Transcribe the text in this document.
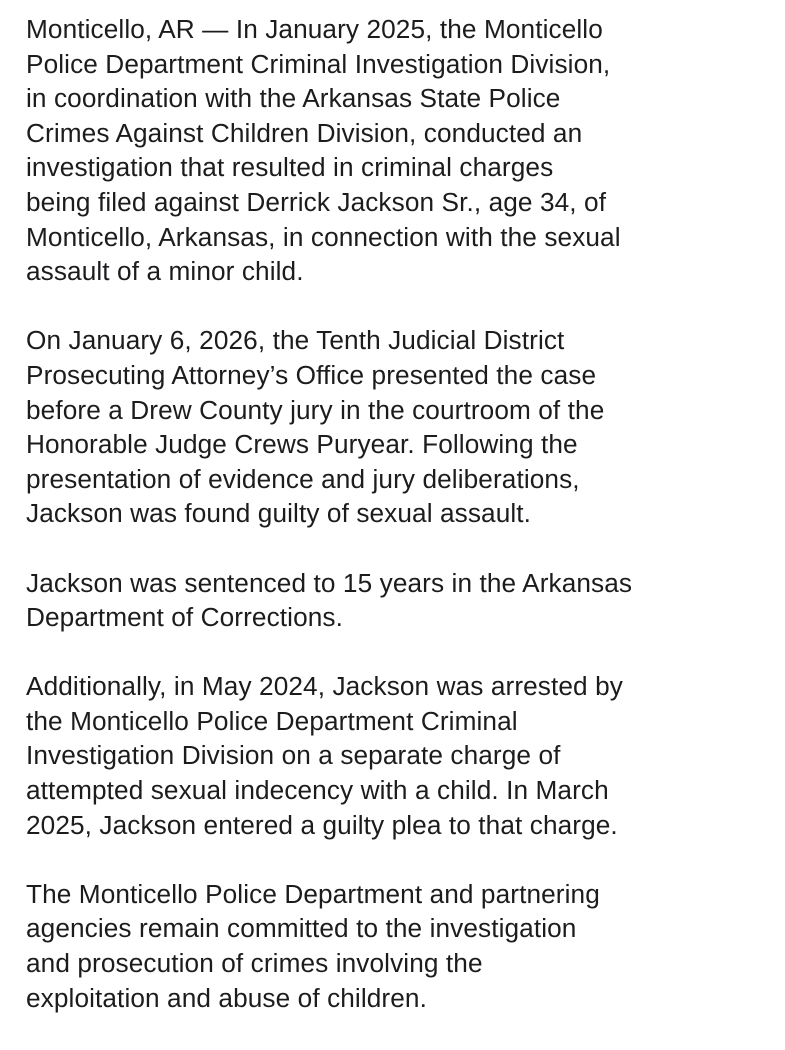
Monticello, AR — In January 2025, the Monticello
Police Department Criminal Investigation Division,
in coordination with the Arkansas State Police
Crimes Against Children Division, conducted an
investigation that resulted in criminal charges
being filed against Derrick Jackson Sr., age 34, of
Monticello, Arkansas, in connection with the sexual
assault of a minor child.

On January 6, 2026, the Tenth Judicial District
Prosecuting Attorney’s Office presented the case
before a Drew County jury in the courtroom of the
Honorable Judge Crews Puryear. Following the
presentation of evidence and jury deliberations,
Jackson was found guilty of sexual assault.

Jackson was sentenced to 15 years in the Arkansas
Department of Corrections.

Additionally, in May 2024, Jackson was arrested by
the Monticello Police Department Criminal
Investigation Division on a separate charge of
attempted sexual indecency with a child. In March
2025, Jackson entered a guilty plea to that charge.

The Monticello Police Department and partnering
agencies remain committed to the investigation
and prosecution of crimes involving the
exploitation and abuse of children.
